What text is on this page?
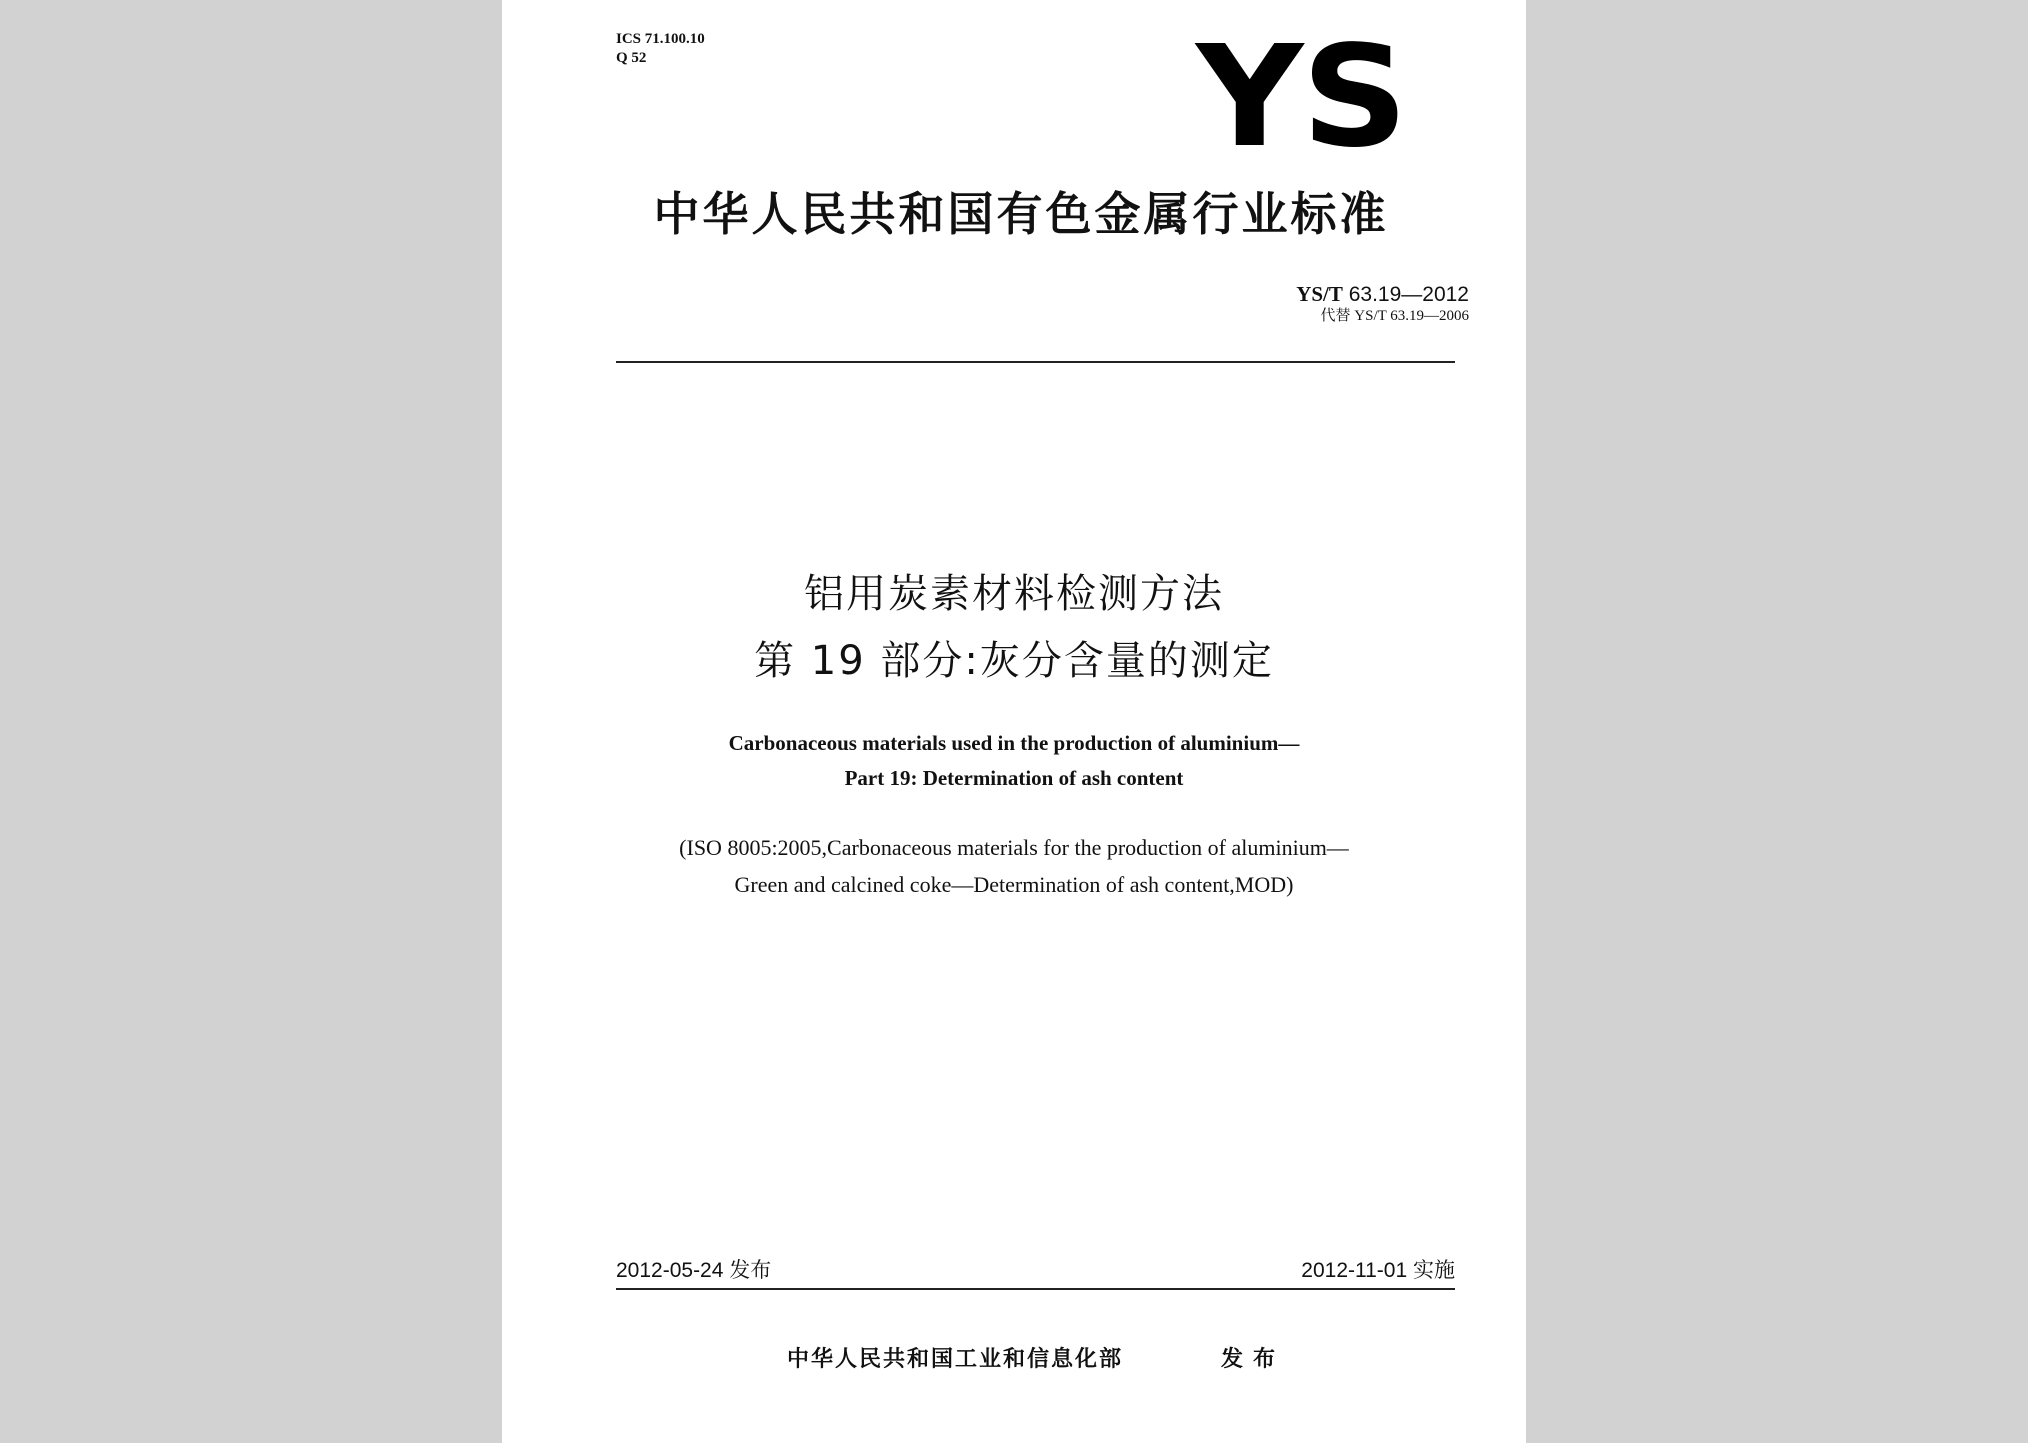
ICS 71.100.10
Q 52	YS
中华人民共和国有色金属行业标准
YS/T 63.19—2012
代替 YS/T 63.19—2006
铝用炭素材料检测方法
第 19 部分:灰分含量的测定
Carbonaceous materials used in the production of aluminium—
Part 19: Determination of ash content
(ISO 8005:2005,Carbonaceous materials for the production of aluminium—
Green and calcined coke—Determination of ash content,MOD)
2012-05-24 发布	2012-11-01 实施
中华人民共和国工业和信息化部	发布
